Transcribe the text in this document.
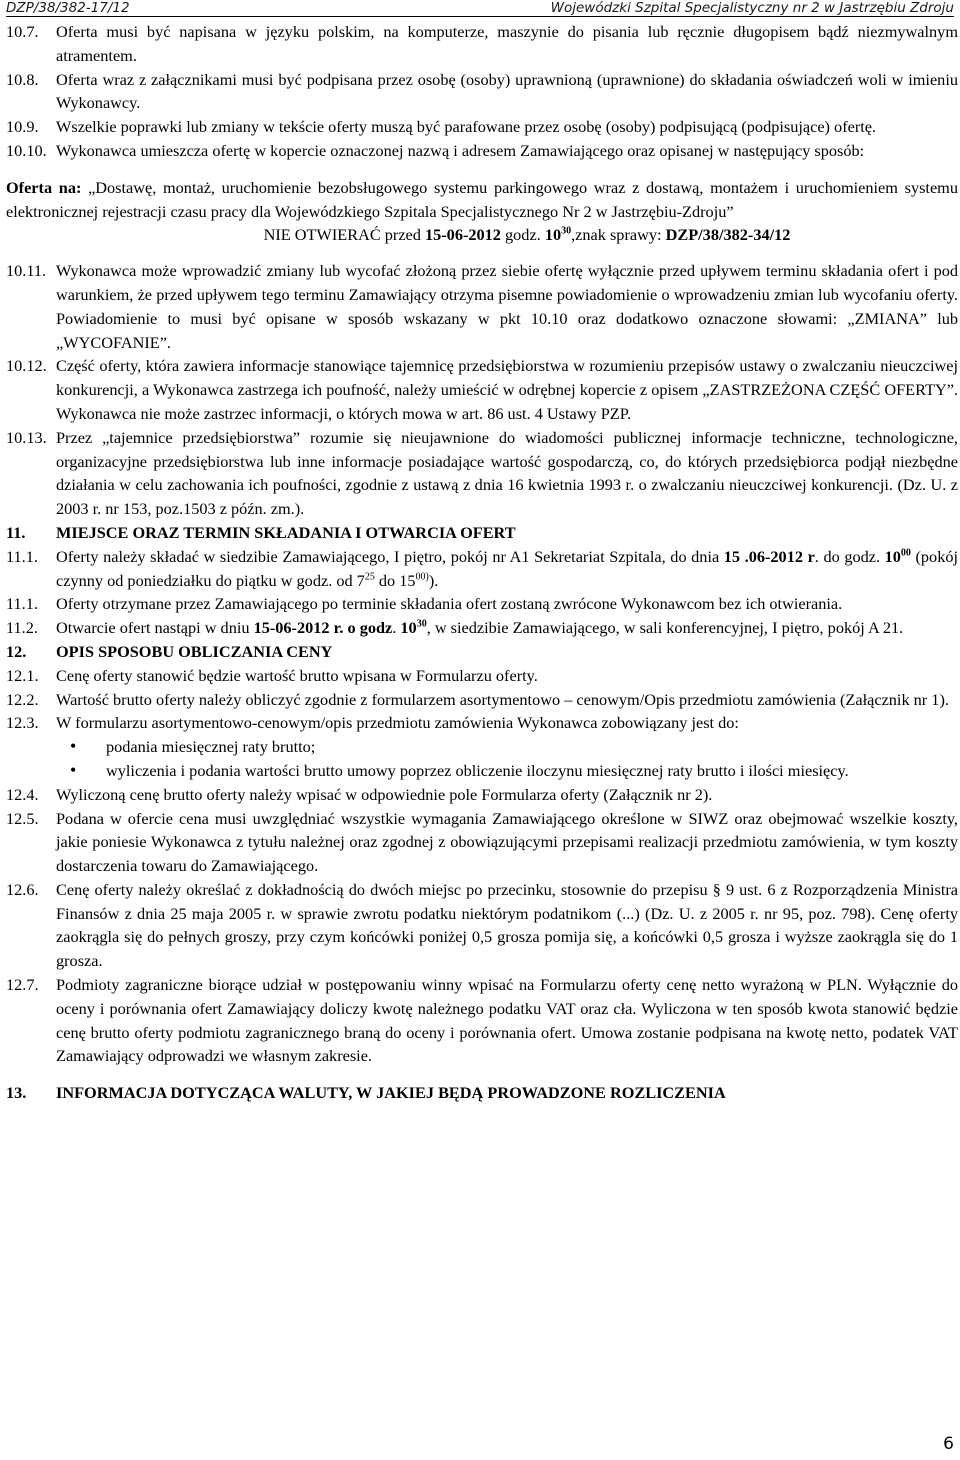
DZP/38/382-17/12	Wojewódzki Szpital Specjalistyczny nr 2 w Jastrzębiu Zdroju
10.7.	Oferta musi być napisana w języku polskim, na komputerze, maszynie do pisania lub ręcznie długopisem bądź niezmywalnym atramentem.
10.8.	Oferta wraz z załącznikami musi być podpisana przez osobę (osoby) uprawnioną (uprawnione) do składania oświadczeń woli w imieniu Wykonawcy.
10.9.	Wszelkie poprawki lub zmiany w tekście oferty muszą być parafowane przez osobę (osoby) podpisującą (podpisujące) ofertę.
10.10. Wykonawca umieszcza ofertę w kopercie oznaczonej nazwą i adresem Zamawiającego oraz opisanej w następujący sposób:
Oferta na: „Dostawę, montaż, uruchomienie bezobsługowego systemu parkingowego wraz z dostawą, montażem i uruchomieniem systemu elektronicznej rejestracji czasu pracy dla Wojewódzkiego Szpitala Specjalistycznego Nr 2 w Jastrzębiu-Zdroju”
NIE OTWIERAĆ przed 15-06-2012 godz. $10^{30},znak$ sprawy: DZP/38/382-34/12
10.11. Wykonawca może wprowadzić zmiany lub wycofać złożoną przez siebie ofertę wyłącznie przed upływem terminu składania ofert i pod warunkiem, że przed upływem tego terminu Zamawiający otrzyma pisemne powiadomienie o wprowadzeniu zmian lub wycofaniu oferty. Powiadomienie to musi być opisane w sposób wskazany w pkt 10.10 oraz dodatkowo oznaczone słowami: „ZMIANA” lub „WYCOFANIE”.
10.12. Część oferty, która zawiera informacje stanowiące tajemnicę przedsiębiorstwa w rozumieniu przepisów ustawy o zwalczaniu nieuczciwej konkurencji, a Wykonawca zastrzega ich poufność, należy umieścić w odrębnej kopercie z opisem „ZASTRZEŻONA CZĘŚĆ OFERTY”. Wykonawca nie może zastrzec informacji, o których mowa w art. 86 ust. 4 Ustawy PZP.
10.13. Przez „tajemnice przedsiębiorstwa” rozumie się nieujawnione do wiadomości publicznej informacje techniczne, technologiczne, organizacyjne przedsiębiorstwa lub inne informacje posiadające wartość gospodarczą, co, do których przedsiębiorca podjął niezbędne działania w celu zachowania ich poufności, zgodnie z ustawą z dnia 16 kwietnia 1993 r. o zwalczaniu nieuczciwej konkurencji. (Dz. U. z 2003 r. nr 153, poz.1503 z późn. zm.).
11.	MIEJSCE ORAZ TERMIN SKŁADANIA I OTWARCIA OFERT
11.1.	Oferty należy składać w siedzibie Zamawiającego, I piętro, pokój nr A1 Sekretariat Szpitala, do dnia 15 .06-2012 r. do godz. $10^{00}$ (pokój czynny od poniedziałku do piątku w godz. od $7^{25}$ do 15$^{00)}$).
11.1.	Oferty otrzymane przez Zamawiającego po terminie składania ofert zostaną zwrócone Wykonawcom bez ich otwierania.
11.2.	Otwarcie ofert nastąpi w dniu 15-06-2012 r. o godz. $10^{30}$, w siedzibie Zamawiającego, w sali konferencyjnej, I piętro, pokój A 21.
12.	OPIS SPOSOBU OBLICZANIA CENY
12.1.	Cenę oferty stanowić będzie wartość brutto wpisana w Formularzu oferty.
12.2.	Wartość brutto oferty należy obliczyć zgodnie z formularzem asortymentowo – cenowym/Opis przedmiotu zamówienia (Załącznik nr 1).
12.3.	W formularzu asortymentowo-cenowym/opis przedmiotu zamówienia Wykonawca zobowiązany jest do:
•	podania miesięcznej raty brutto;
•	wyliczenia i podania wartości brutto umowy poprzez obliczenie iloczynu miesięcznej raty brutto i ilości miesięcy.
12.4.	Wyliczoną cenę brutto oferty należy wpisać w odpowiednie pole Formularza oferty (Załącznik nr 2).
12.5.	Podana w ofercie cena musi uwzględniać wszystkie wymagania Zamawiającego określone w SIWZ oraz obejmować wszelkie koszty, jakie poniesie Wykonawca z tytułu należnej oraz zgodnej z obowiązującymi przepisami realizacji przedmiotu zamówienia, w tym koszty dostarczenia towaru do Zamawiającego.
12.6.	Cenę oferty należy określać z dokładnością do dwóch miejsc po przecinku, stosownie do przepisu § 9 ust. 6 z Rozporządzenia Ministra Finansów z dnia 25 maja 2005 r. w sprawie zwrotu podatku niektórym podatnikom (...) (Dz. U. z 2005 r. nr 95, poz. 798). Cenę oferty zaokrągla się do pełnych groszy, przy czym końcówki poniżej 0,5 grosza pomija się, a końcówki 0,5 grosza i wyższe zaokrągla się do 1 grosza.
12.7.	Podmioty zagraniczne biorące udział w postępowaniu winny wpisać na Formularzu oferty cenę netto wyrażoną w PLN. Wyłącznie do oceny i porównania ofert Zamawiający doliczy kwotę należnego podatku VAT oraz cła. Wyliczona w ten sposób kwota stanowić będzie cenę brutto oferty podmiotu zagranicznego braną do oceny i porównania ofert. Umowa zostanie podpisana na kwotę netto, podatek VAT Zamawiający odprowadzi we własnym zakresie.
13.	INFORMACJA DOTYCZĄCA WALUTY, W JAKIEJ BĘDĄ PROWADZONE ROZLICZENIA
6
